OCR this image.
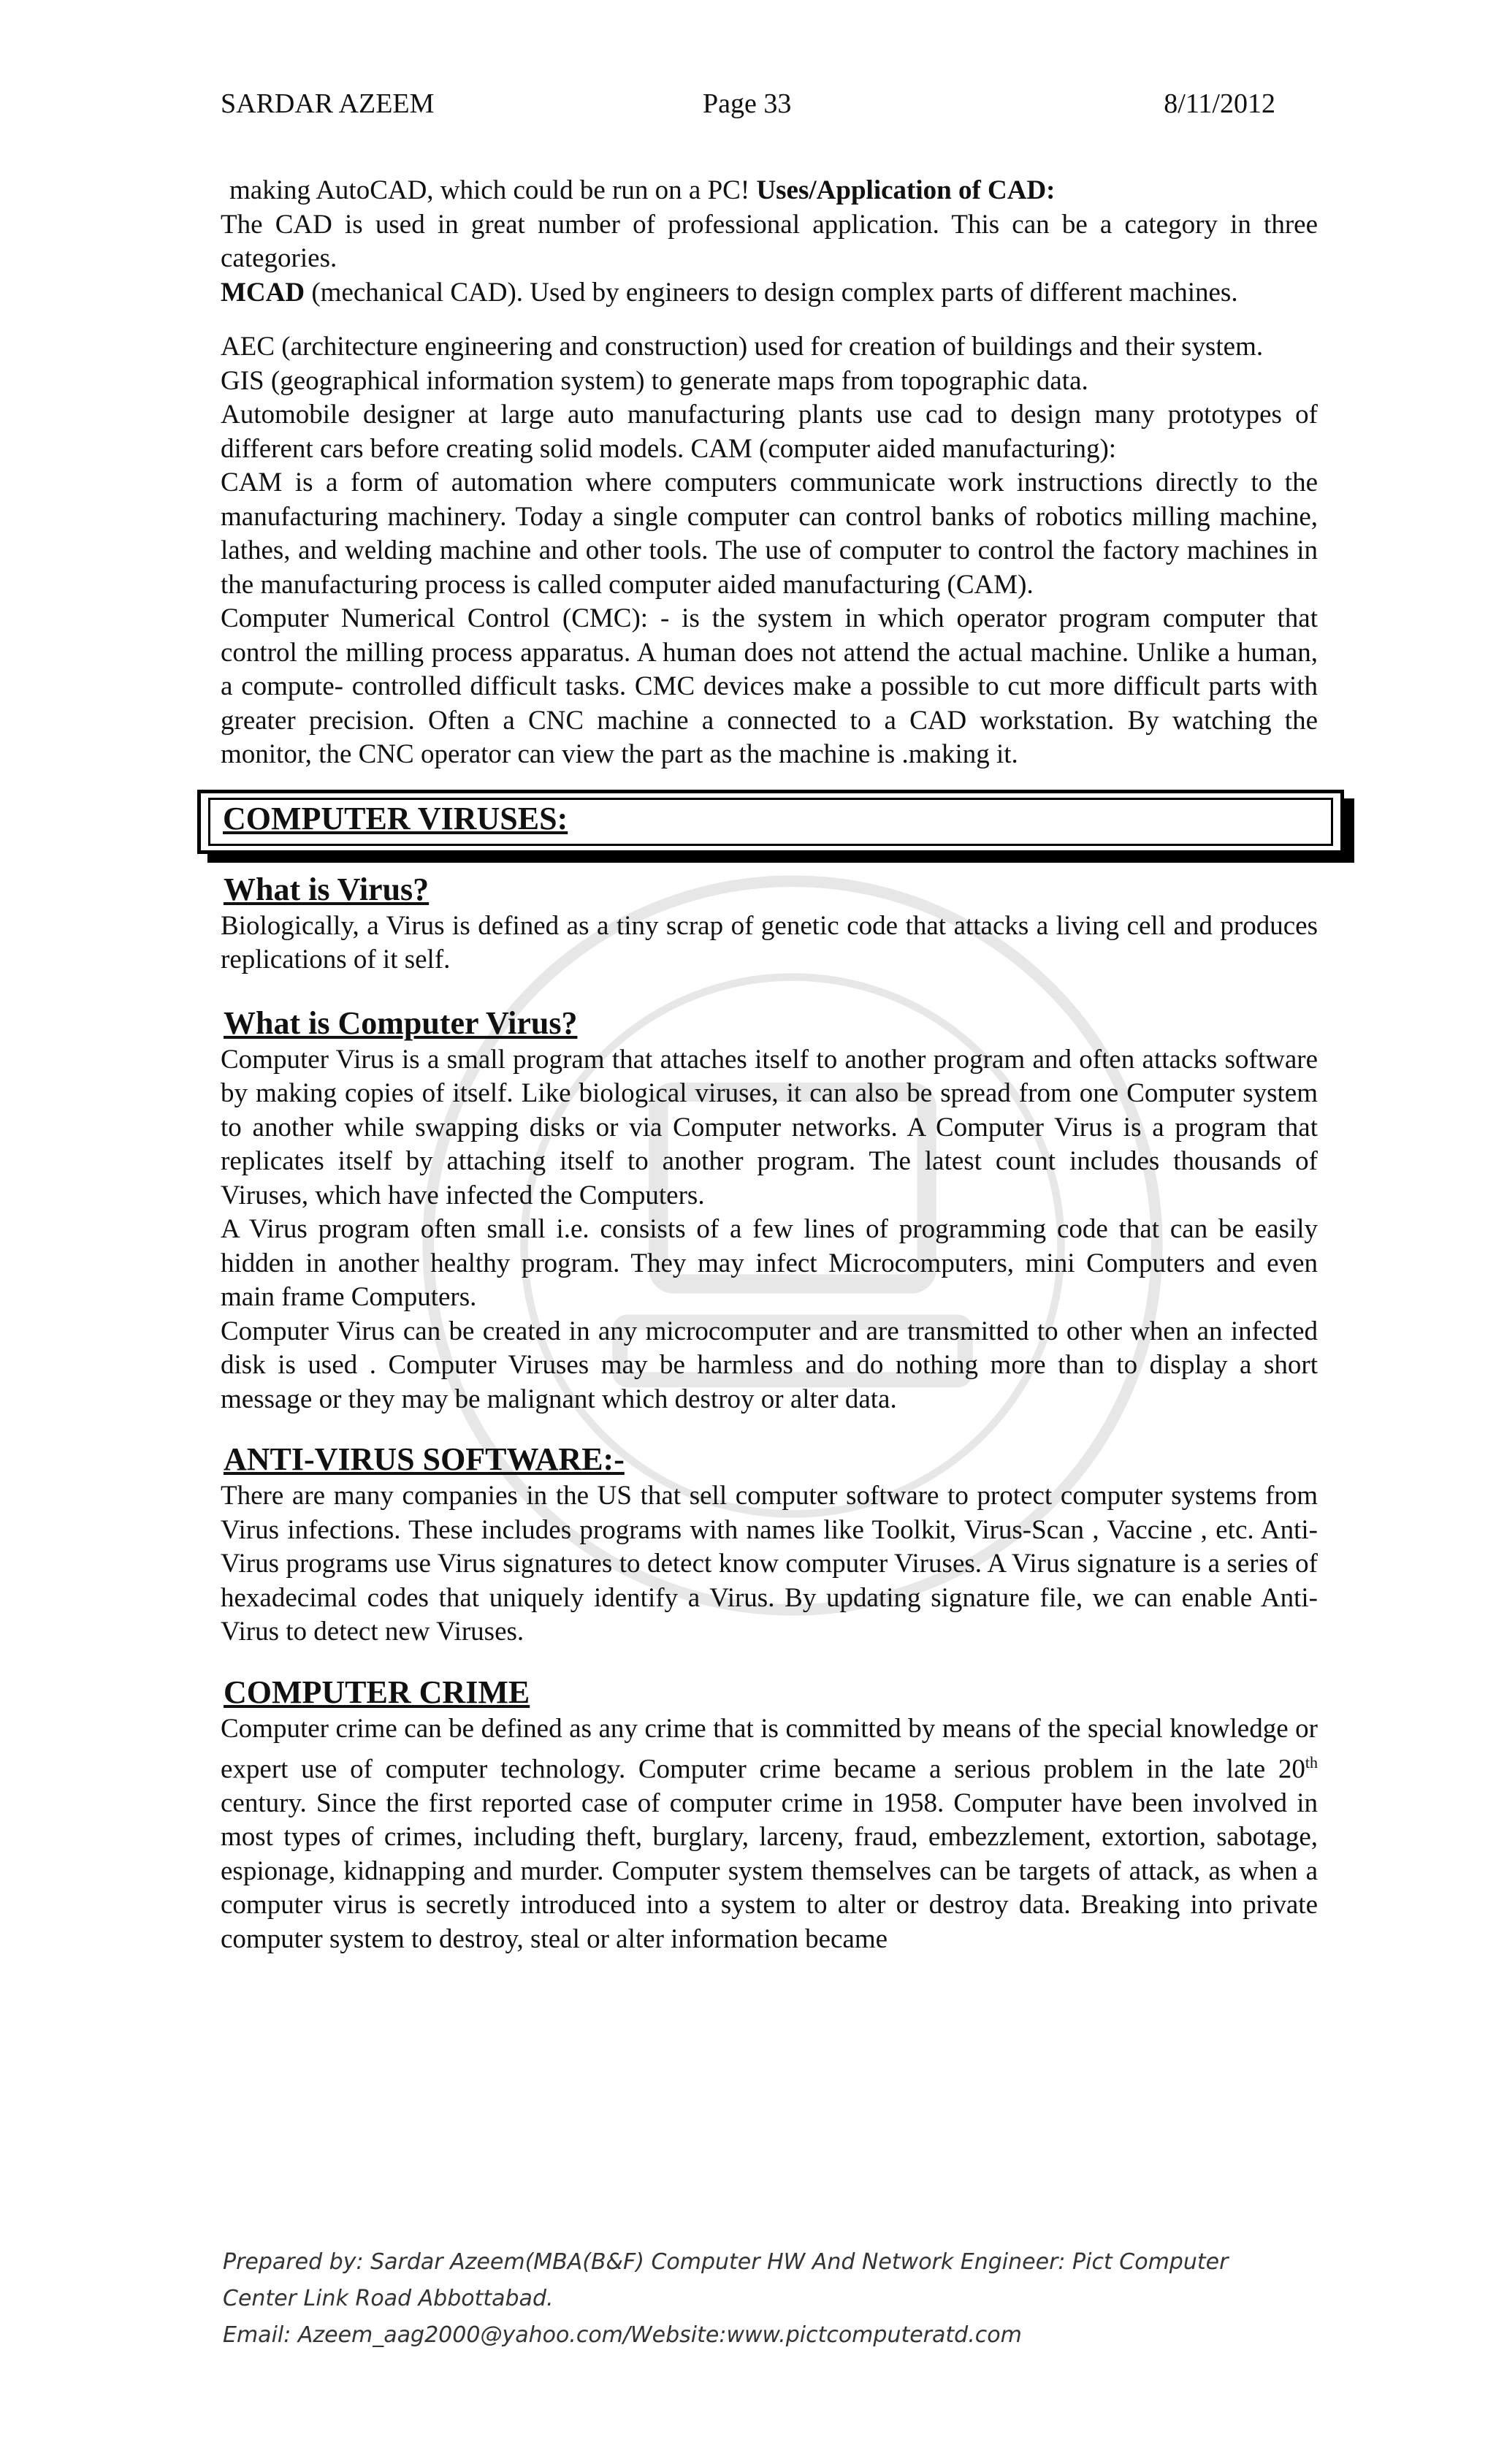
SARDAR AZEEM	Page 33	8/11/2012

making AutoCAD, which could be run on a PC! Uses/Application of CAD:

The CAD is used in great number of professional application. This can be a category in three categories.

MCAD (mechanical CAD). Used by engineers to design complex parts of different machines.

AEC (architecture engineering and construction) used for creation of buildings and their system.

GIS (geographical information system) to generate maps from topographic data.

Automobile designer at large auto manufacturing plants use cad to design many prototypes of different cars before creating solid models. CAM (computer aided manufacturing):

CAM is a form of automation where computers communicate work instructions directly to the manufacturing machinery. Today a single computer can control banks of robotics milling machine, lathes, and welding machine and other tools. The use of computer to control the factory machines in the manufacturing process is called computer aided manufacturing (CAM).

Computer Numerical Control (CMC): - is the system in which operator program computer that control the milling process apparatus. A human does not attend the actual machine. Unlike a human, a compute- controlled difficult tasks. CMC devices make a possible to cut more difficult parts with greater precision. Often a CNC machine a connected to a CAD workstation. By watching the monitor, the CNC operator can view the part as the machine is .making it.

COMPUTER VIRUSES:
What is Virus?

Biologically, a Virus is defined as a tiny scrap of genetic code that attacks a living cell and produces replications of it self.

What is Computer Virus?

Computer Virus is a small program that attaches itself to another program and often attacks software by making copies of itself. Like biological viruses, it can also be spread from one Computer system to another while swapping disks or via Computer networks. A Computer Virus is a program that replicates itself by attaching itself to another program. The latest count includes thousands of Viruses, which have infected the Computers.

A Virus program often small i.e. consists of a few lines of programming code that can be easily hidden in another healthy program. They may infect Microcomputers, mini Computers and even main frame Computers.

Computer Virus can be created in any microcomputer and are transmitted to other when an infected disk is used . Computer Viruses may be harmless and do nothing more than to display a short message or they may be malignant which destroy or alter data.

ANTI-VIRUS SOFTWARE:-

There are many companies in the US that sell computer software to protect computer systems from Virus infections. These includes programs with names like Toolkit, Virus-Scan , Vaccine , etc. Anti- Virus programs use Virus signatures to detect know computer Viruses. A Virus signature is a series of hexadecimal codes that uniquely identify a Virus. By updating signature file, we can enable Anti-Virus to detect new Viruses.

COMPUTER CRIME

Computer crime can be defined as any crime that is committed by means of the special knowledge or expert use of computer technology. Computer crime became a serious problem in the late 20th century. Since the first reported case of computer crime in 1958. Computer have been involved in most types of crimes, including theft, burglary, larceny, fraud, embezzlement, extortion, sabotage, espionage, kidnapping and murder. Computer system themselves can be targets of attack, as when a computer virus is secretly introduced into a system to alter or destroy data. Breaking into private computer system to destroy, steal or alter information became

Prepared by: Sardar Azeem(MBA(B&F) Computer HW And Network Engineer: Pict Computer
Center Link Road Abbottabad.
Email: Azeem_aag2000@yahoo.com/Website:www.pictcomputeratd.com
